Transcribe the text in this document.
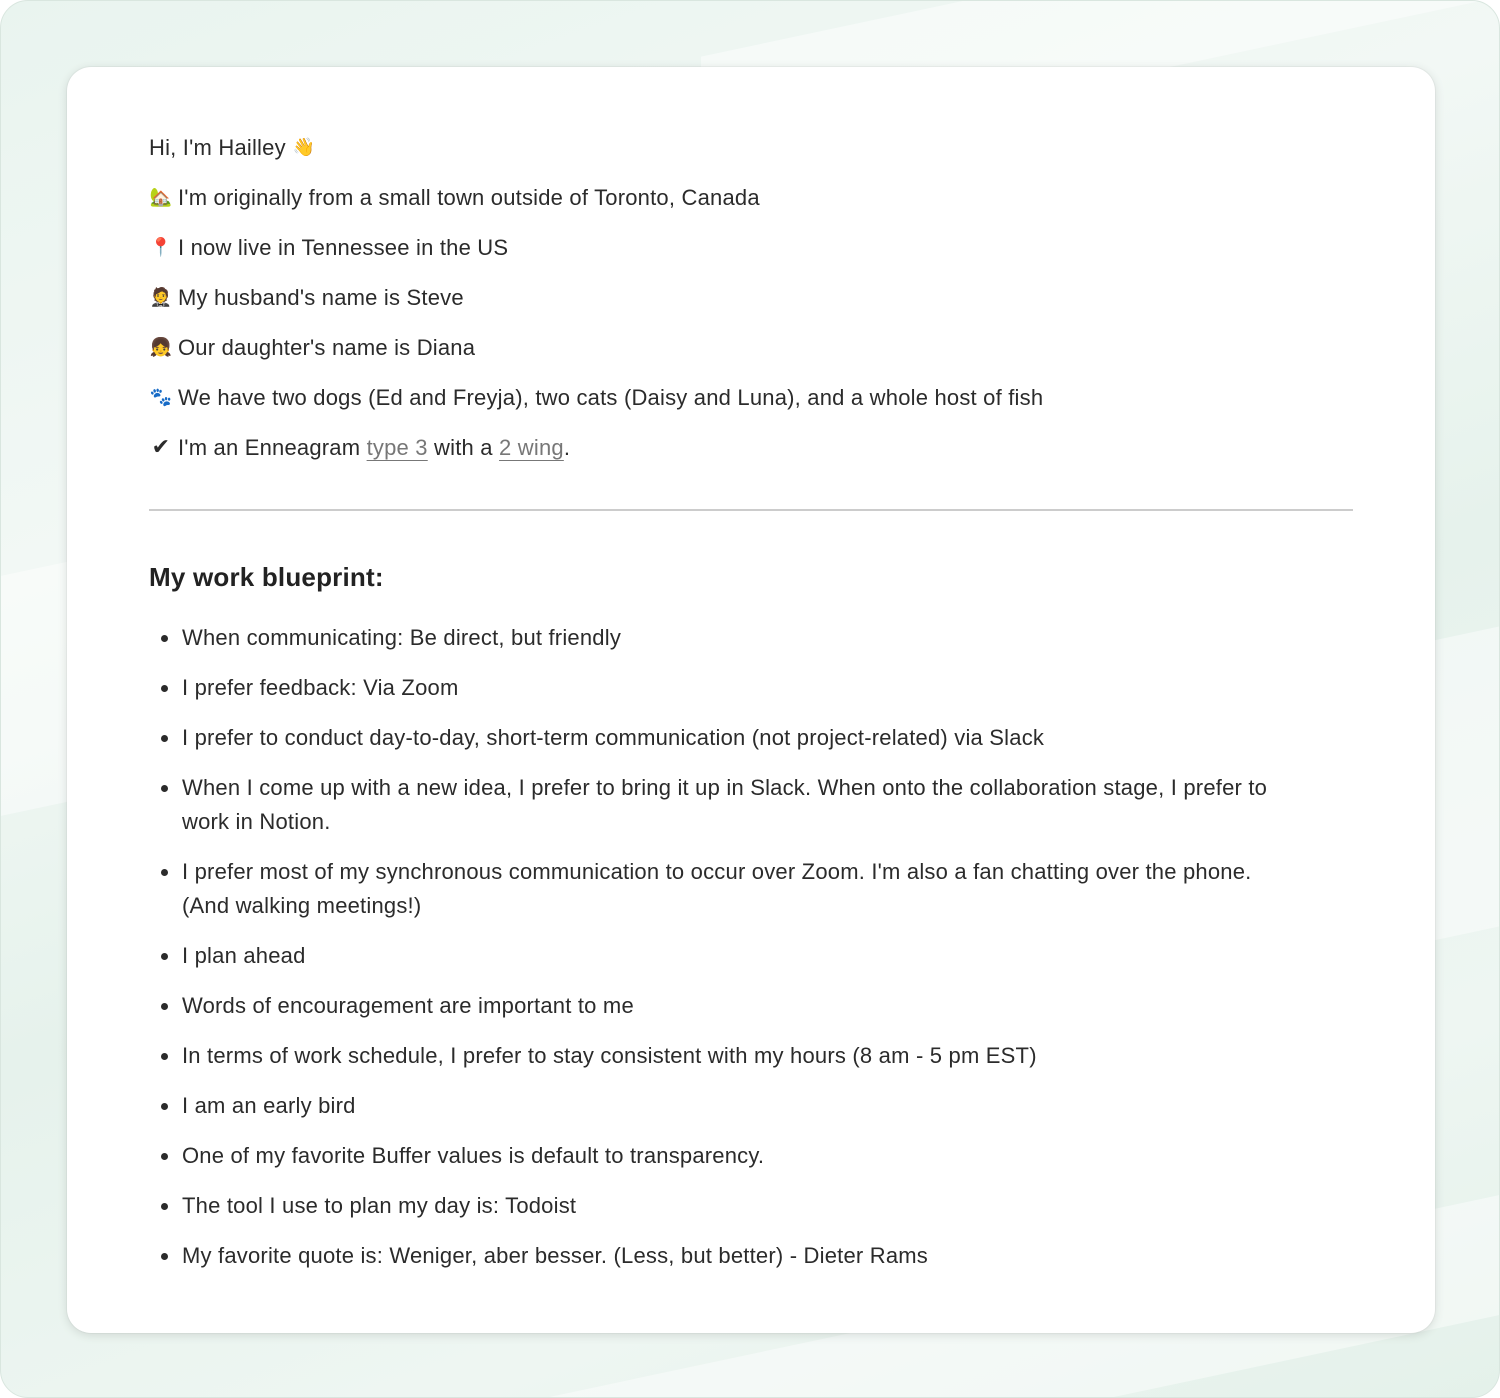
Hi, I'm Hailley 👋
🏡 I'm originally from a small town outside of Toronto, Canada
📍 I now live in Tennessee in the US
🤵 My husband's name is Steve
👧 Our daughter's name is Diana
🐾 We have two dogs (Ed and Freyja), two cats (Daisy and Luna), and a whole host of fish
✔ I'm an Enneagram
type 3
with a
2 wing .
My work blueprint:
When communicating: Be direct, but friendly
I prefer feedback: Via Zoom
I prefer to conduct day-to-day, short-term communication (not project-related) via Slack
When I come up with a new idea, I prefer to bring it up in Slack. When onto the collaboration stage, I prefer to work in Notion.
I prefer most of my synchronous communication to occur over Zoom. I'm also a fan chatting over the phone. (And walking meetings!)
I plan ahead
Words of encouragement are important to me
In terms of work schedule, I prefer to stay consistent with my hours (8 am - 5 pm EST)
I am an early bird
One of my favorite Buffer values is default to transparency.
The tool I use to plan my day is: Todoist
My favorite quote is: Weniger, aber besser. (Less, but better) - Dieter Rams
